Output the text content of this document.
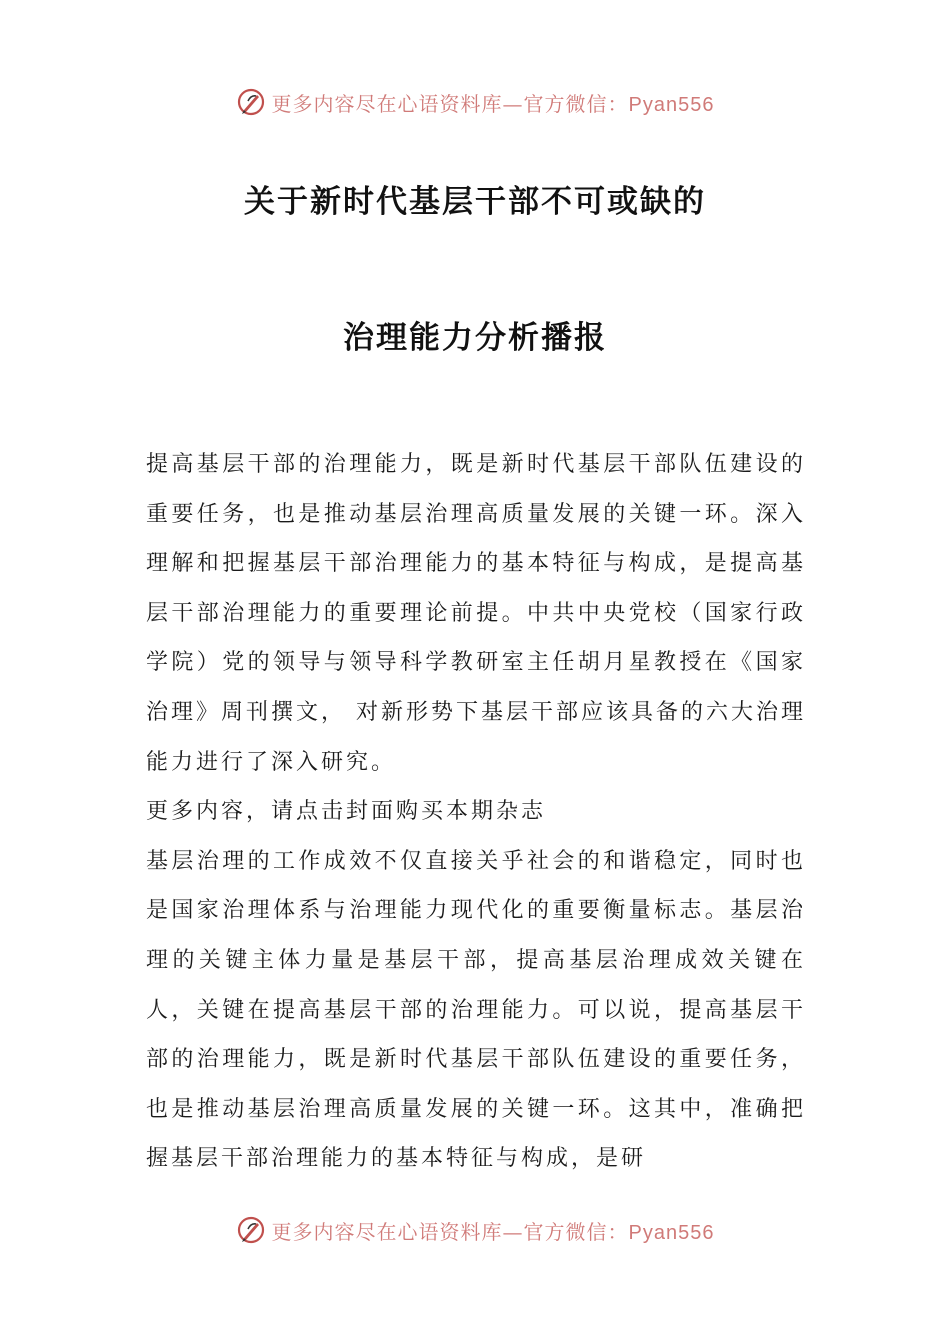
更多内容尽在心语资料库—官方微信：Pyan556
关于新时代基层干部不可或缺的
治理能力分析播报

提高基层干部的治理能力，既是新时代基层干部队伍建设的重要任务，也是推动基层治理高质量发展的关键一环。深入理解和把握基层干部治理能力的基本特征与构成，是提高基层干部治理能力的重要理论前提。中共中央党校（国家行政学院）党的领导与领导科学教研室主任胡月星教授在《国家治理》周刊撰文， 对新形势下基层干部应该具备的六大治理能力进行了深入研究。

更多内容，请点击封面购买本期杂志

基层治理的工作成效不仅直接关乎社会的和谐稳定，同时也是国家治理体系与治理能力现代化的重要衡量标志。基层治理的关键主体力量是基层干部，提高基层治理成效关键在人，关键在提高基层干部的治理能力。可以说，提高基层干部的治理能力，既是新时代基层干部队伍建设的重要任务，也是推动基层治理高质量发展的关键一环。这其中，准确把握基层干部治理能力的基本特征与构成，是研

更多内容尽在心语资料库—官方微信：Pyan556
